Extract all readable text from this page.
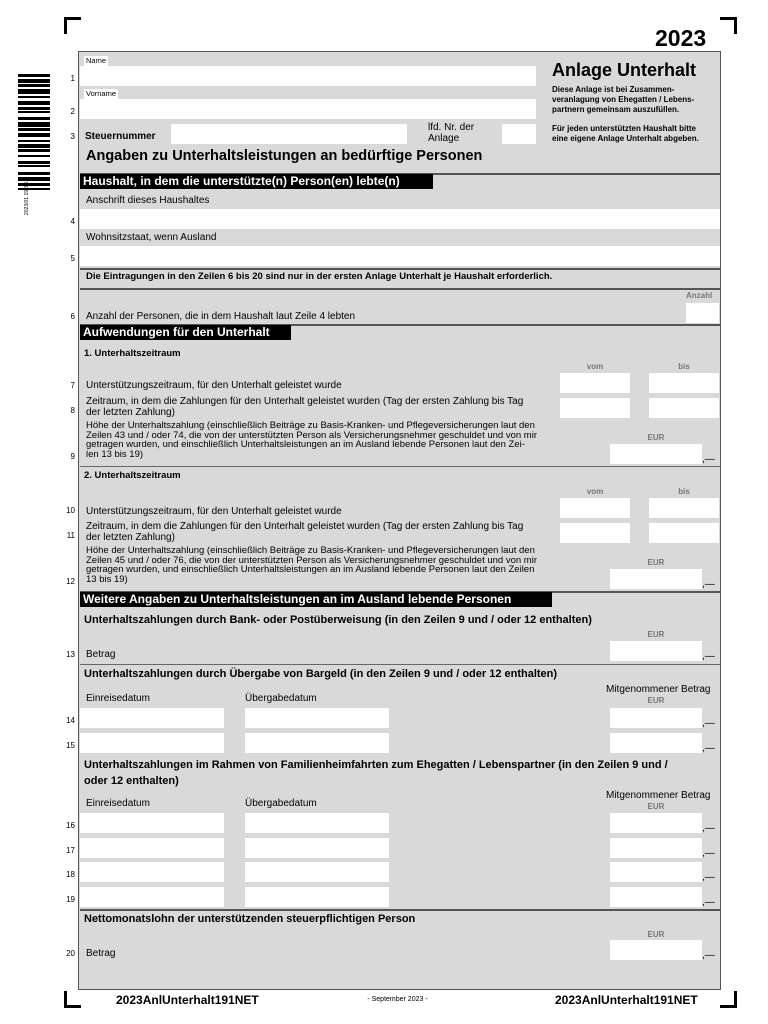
2023/01 19201
2023
Anlage Unterhalt
Diese Anlage ist bei Zusammen-
veranlagung von Ehegatten / Lebens-
partnern gemeinsam auszufüllen.
Für jeden unterstützten Haushalt bitte
eine eigene Anlage Unterhalt abgeben.
Name
1
Vorname
2
Steuernummer
lfd. Nr. der
Anlage
3
Angaben zu Unterhaltsleistungen an bedürftige Personen
Haushalt, in dem die unterstützte(n) Person(en) lebte(n)
Anschrift dieses Haushaltes
4
Wohnsitzstaat, wenn Ausland
5
Die Eintragungen in den Zeilen 6 bis 20 sind nur in der ersten Anlage Unterhalt je Haushalt erforderlich.
Anzahl
Anzahl der Personen, die in dem Haushalt laut Zeile 4 lebten
6
Aufwendungen für den Unterhalt
1. Unterhaltszeitraum
vom	bis
Unterstützungszeitraum, für den Unterhalt geleistet wurde
7
Zeitraum, in dem die Zahlungen für den Unterhalt geleistet wurden (Tag der ersten Zahlung bis Tag
der letzten Zahlung)
8
Höhe der Unterhaltszahlung (einschließlich Beiträge zu Basis-Kranken- und Pflegeversicherungen laut den
Zeilen 43 und / oder 74, die von der unterstützten Person als Versicherungsnehmer geschuldet und von mir
getragen wurden, und einschließlich Unterhaltsleistungen an im Ausland lebende Personen laut den Zei-
len 13 bis 19)
EUR
,—
9
2. Unterhaltszeitraum
vom	bis
Unterstützungszeitraum, für den Unterhalt geleistet wurde
10
Zeitraum, in dem die Zahlungen für den Unterhalt geleistet wurden (Tag der ersten Zahlung bis Tag
der letzten Zahlung)
11
Höhe der Unterhaltszahlung (einschließlich Beiträge zu Basis-Kranken- und Pflegeversicherungen laut den
Zeilen 45 und / oder 76, die von der unterstützten Person als Versicherungsnehmer geschuldet und von mir
getragen wurden, und einschließlich Unterhaltsleistungen an im Ausland lebende Personen laut den Zeilen
13 bis 19)
EUR
,—
12
Weitere Angaben zu Unterhaltsleistungen an im Ausland lebende Personen
Unterhaltszahlungen durch Bank- oder Postüberweisung (in den Zeilen 9 und / oder 12 enthalten)
EUR
Betrag	,—
13
Unterhaltszahlungen durch Übergabe von Bargeld (in den Zeilen 9 und / oder 12 enthalten)
Einreisedatum	Übergabedatum
Mitgenommener Betrag
EUR
,—
14
,—
15
Unterhaltszahlungen im Rahmen von Familienheimfahrten zum Ehegatten / Lebenspartner (in den Zeilen 9 und /
oder 12 enthalten)
Einreisedatum	Übergabedatum
Mitgenommener Betrag
EUR
,—
16
,—
17
,—
18
,—
19
Nettomonatslohn der unterstützenden steuerpflichtigen Person
EUR
Betrag	,—
20
2023AnlUnterhalt191NET	- September 2023 -	2023AnlUnterhalt191NET
